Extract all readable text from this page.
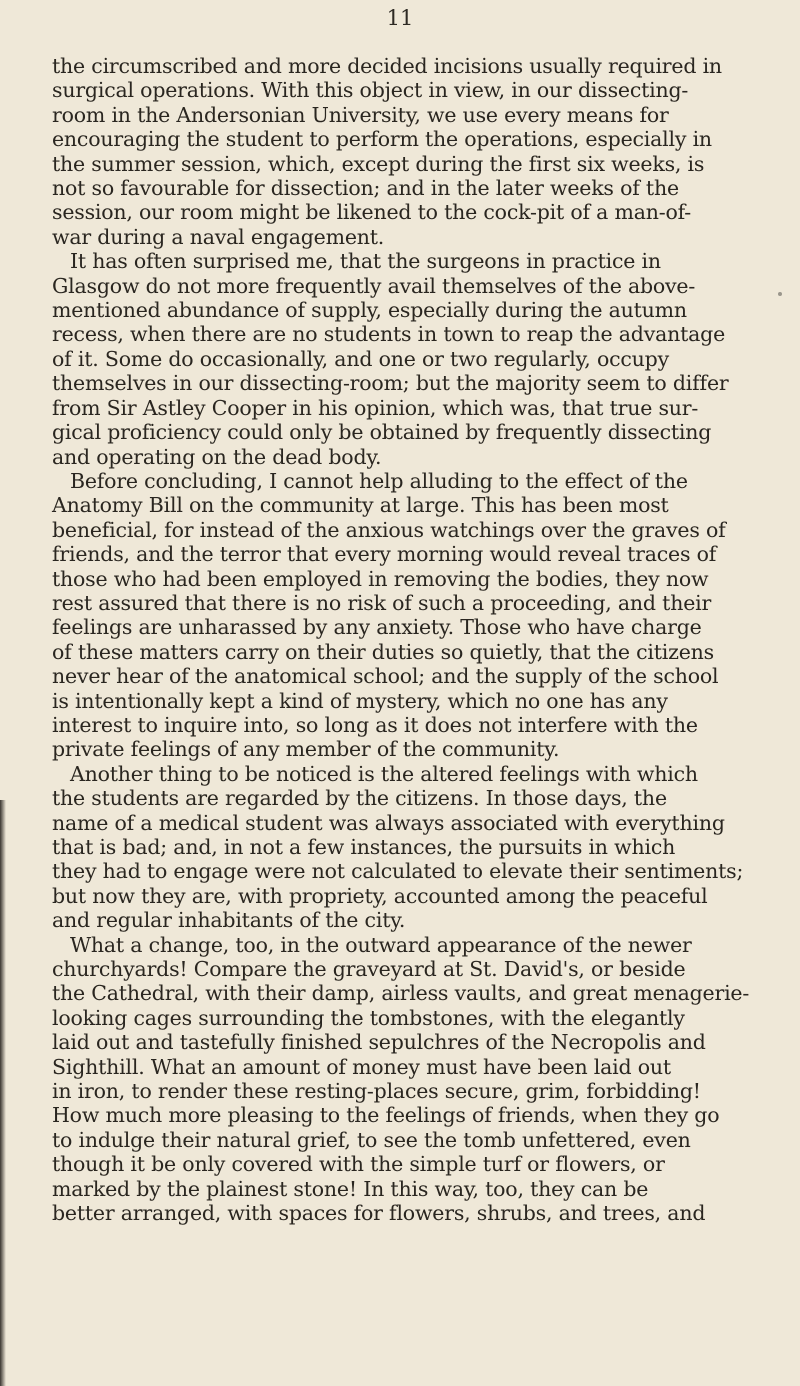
11

the circumscribed and more decided incisions usually required in
surgical operations. With this object in view, in our dissecting-
room in the Andersonian University, we use every means for
encouraging the student to perform the operations, especially in
the summer session, which, except during the first six weeks, is
not so favourable for dissection; and in the later weeks of the
session, our room might be likened to the cock-pit of a man-of-
war during a naval engagement.

It has often surprised me, that the surgeons in practice in
Glasgow do not more frequently avail themselves of the above-
mentioned abundance of supply, especially during the autumn
recess, when there are no students in town to reap the advantage
of it. Some do occasionally, and one or two regularly, occupy
themselves in our dissecting-room; but the majority seem to differ
from Sir Astley Cooper in his opinion, which was, that true sur-
gical proficiency could only be obtained by frequently dissecting
and operating on the dead body.

Before concluding, I cannot help alluding to the effect of the
Anatomy Bill on the community at large. This has been most
beneficial, for instead of the anxious watchings over the graves of
friends, and the terror that every morning would reveal traces of
those who had been employed in removing the bodies, they now
rest assured that there is no risk of such a proceeding, and their
feelings are unharassed by any anxiety. Those who have charge
of these matters carry on their duties so quietly, that the citizens
never hear of the anatomical school; and the supply of the school
is intentionally kept a kind of mystery, which no one has any
interest to inquire into, so long as it does not interfere with the
private feelings of any member of the community.

Another thing to be noticed is the altered feelings with which
the students are regarded by the citizens. In those days, the
name of a medical student was always associated with everything
that is bad; and, in not a few instances, the pursuits in which
they had to engage were not calculated to elevate their sentiments;
but now they are, with propriety, accounted among the peaceful
and regular inhabitants of the city.

What a change, too, in the outward appearance of the newer
churchyards! Compare the graveyard at St. David's, or beside
the Cathedral, with their damp, airless vaults, and great menagerie-
looking cages surrounding the tombstones, with the elegantly
laid out and tastefully finished sepulchres of the Necropolis and
Sighthill. What an amount of money must have been laid out
in iron, to render these resting-places secure, grim, forbidding!
How much more pleasing to the feelings of friends, when they go
to indulge their natural grief, to see the tomb unfettered, even
though it be only covered with the simple turf or flowers, or
marked by the plainest stone! In this way, too, they can be
better arranged, with spaces for flowers, shrubs, and trees, and
